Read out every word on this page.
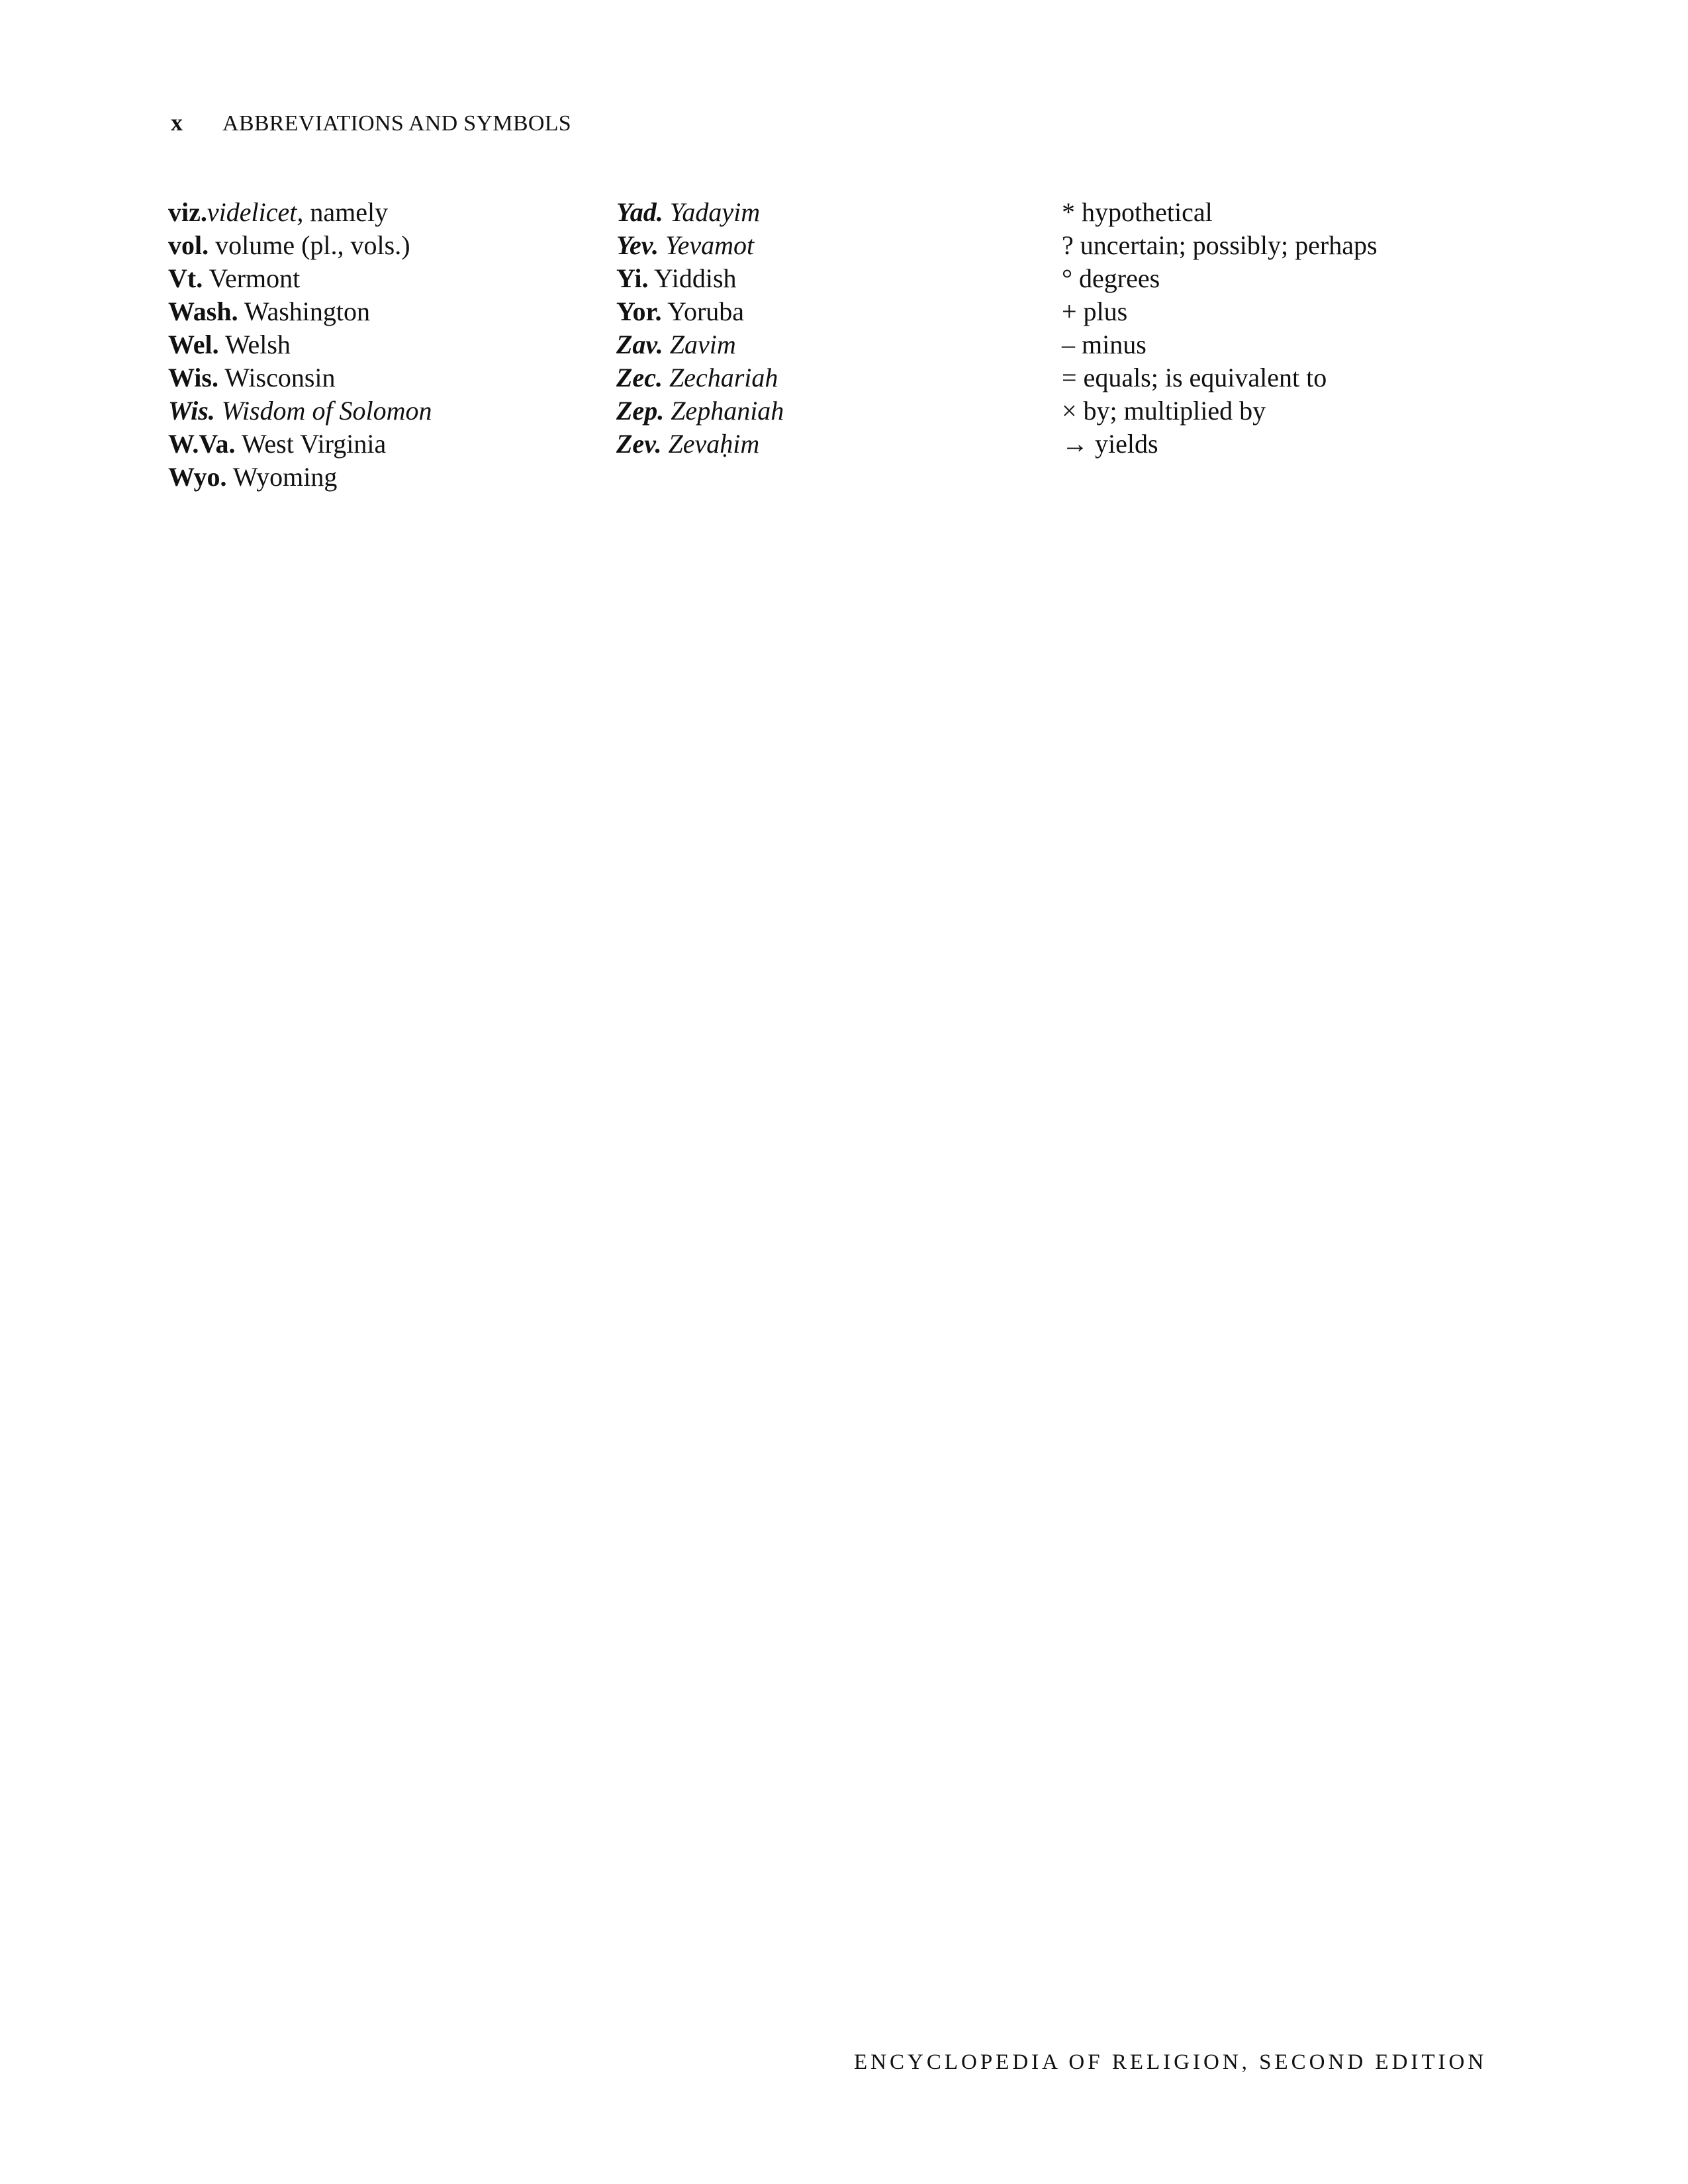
x ABBREVIATIONS AND SYMBOLS
viz.videlicet, namely
vol. volume (pl., vols.)
Vt. Vermont
Wash. Washington
Wel. Welsh
Wis. Wisconsin
Wis. Wisdom of Solomon
W.Va. West Virginia
Wyo. Wyoming
Yad. Yadayim
Yev. Yevamot
Yi. Yiddish
Yor. Yoruba
Zav. Zavim
Zec. Zechariah
Zep. Zephaniah
Zev. Zevaḥim
* hypothetical
? uncertain; possibly; perhaps
° degrees
+ plus
– minus
= equals; is equivalent to
× by; multiplied by
→ yields
ENCYCLOPEDIA OF RELIGION, SECOND EDITION
